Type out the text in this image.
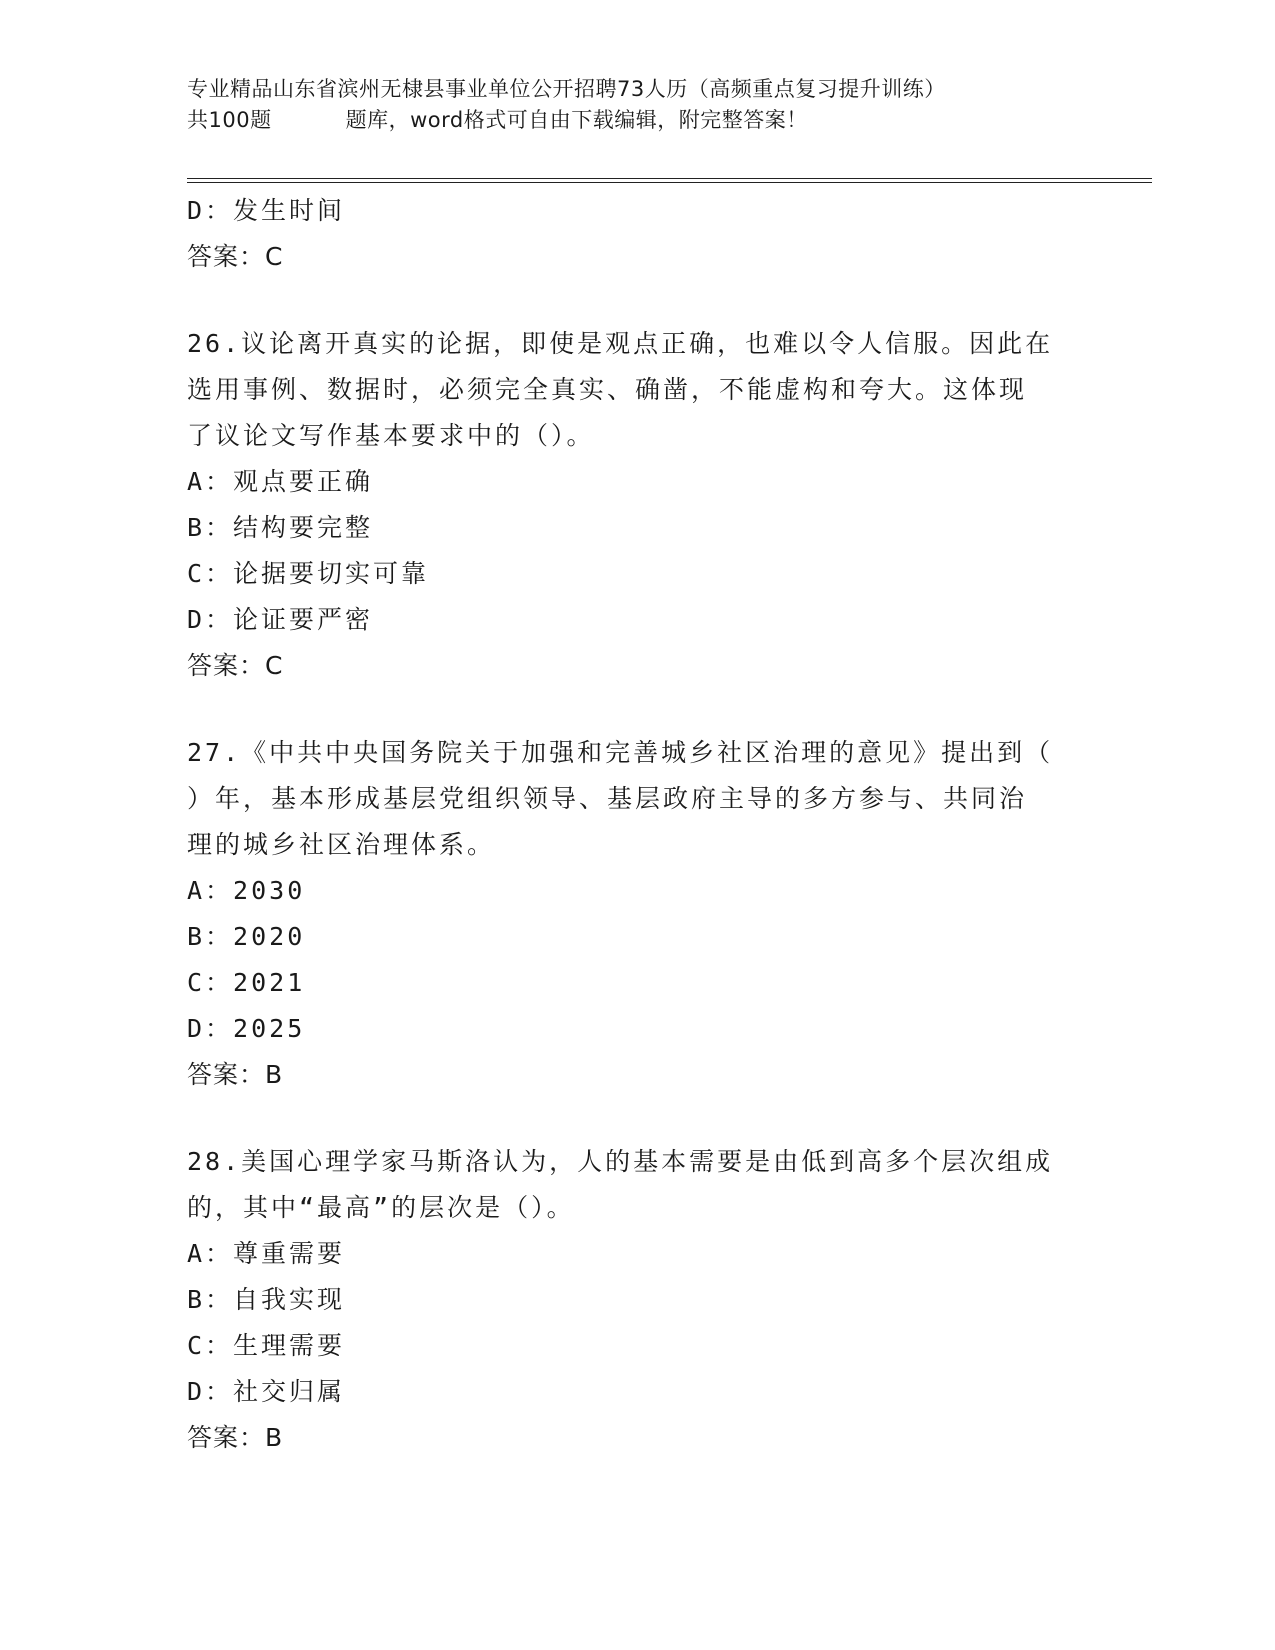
专业精品山东省滨州无棣县事业单位公开招聘73人历（高频重点复习提升训练）
共100题	题库，word格式可自由下载编辑，附完整答案！
D：发生时间
答案：C
26.议论离开真实的论据，即使是观点正确，也难以令人信服。因此在
选用事例、数据时，必须完全真实、确凿，不能虚构和夸大。这体现
了议论文写作基本要求中的（）。
A：观点要正确
B：结构要完整
C：论据要切实可靠
D：论证要严密
答案：C
27.《中共中央国务院关于加强和完善城乡社区治理的意见》提出到（
）年，基本形成基层党组织领导、基层政府主导的多方参与、共同治
理的城乡社区治理体系。
A：2030
B：2020
C：2021
D：2025
答案：B
28.美国心理学家马斯洛认为，人的基本需要是由低到高多个层次组成
的，其中“最高”的层次是（）。
A：尊重需要
B：自我实现
C：生理需要
D：社交归属
答案：B
